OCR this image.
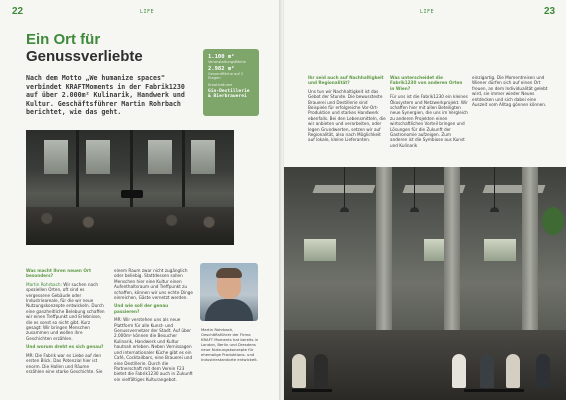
22	LIFE
Ein Ort für
Genussverliebte
Nach dem Motto „We humanize spaces" verbindet KRAFTMoments in der Fabrik1230 auf über 2.000m² Kulinarik, Handwerk und Kultur. Geschäftsführer Martin Rohrbach berichtet, wie das geht.
1.100 m²
Veranstaltungsfläche
2.982 m²
Gesamtfläche auf 2 Etagen
Kreativräume
Gin-Destillerie & Bierbrauerei
Was macht Ihren neuen Ort besonders?
Martin Rohrbach: Wir suchen nach speziellen Orten, oft sind es vergessene Gebäude oder Industrieareale, für die wir neue Nutzungskonzepte entwickeln. Durch eine ganzheitliche Belebung schaffen wir einen Treffpunkt und Erlebnisse, die es sonst so nicht gibt. Kurz gesagt: Wir bringen Menschen zusammen und wollen ihre Geschichten erzählen.
Und worum dreht es sich genau?
MR: Die Fabrik war es Liebe auf den ersten Blick. Das Potenzial hier ist enorm. Die Hallen und Räume erzählen eine starke Geschichte. Sie
einem Raum zwar nicht zugänglich oder beliebig. Stattdessen sollen Menschen hier eine Kultur einen Aufenthaltsraum und Treffpunkt zu schaffen, können wir uns echte Dinge einreichen, Gäste vernetzt werden.
Und wie soll der genau passieren?
MR: Wir verstehen uns als neue Plattform für alle Kunst- und Genussvernetzer der Stadt. Auf über 2.000m² können die Besucher Kulinarik, Handwerk und Kultur hautnah erleben. Neben Vernissagen und internationaler Küche gibt es ein Café, Cocktailbars, eine Brauerei und eine Destillerie. Durch die Partnerschaft mit dem Verein F23 bietet die Fabrik1230 auch in Zukunft ein vielfältiges Kulturangebot.
Martin Rohrbach, Geschäftsführer der Firma KRAFT Moments hat bereits in London, Berlin und Dresdens neue Nutzungskonzepte für ehemalige Produktions- und Industriestandorte entwickelt.
23
LIFE
Ihr seid auch auf Nachhaltigkeit und Regionalität?
Uns tun wir Nachhaltigkeit ist das Gebot der Stunde. Die bewussteste Brauerei und Destillerie sind Beispiele für erfolgreiche Vor-Ort-Produktion und starkes Handwerk ebenfalls. Bei den Lebensmitteln, die wir anbieten und verarbeiten, oder legen Grundwerten, setzen wir auf Regionalität, also nach Möglichkeit auf lokale, kleine Lieferanten.
Was unterscheidet die Fabrik1230 von anderen Orten in Wien?
Für uns ist die Fabrik1230 ein kleines Ökosystem und Netzwerkprojekt. Wir schaffen hier mit allen Beteiligten neue Synergien, die uns im Vergleich zu anderen Projekten einen wirtschaftlichen Vorteil bringen und Lösungen für die Zukunft der Gastronomie aufzeigen. Zum anderen ist die Symbiose aus Kunst und Kulinarik
einzigartig. Die Momentreisen und Wiener dürfen sich auf einen Ort freuen, an dem Individualität gelebt wird, sie immer wieder Neues entdecken und sich dabei eine Auszeit vom Alltag gönnen können.
